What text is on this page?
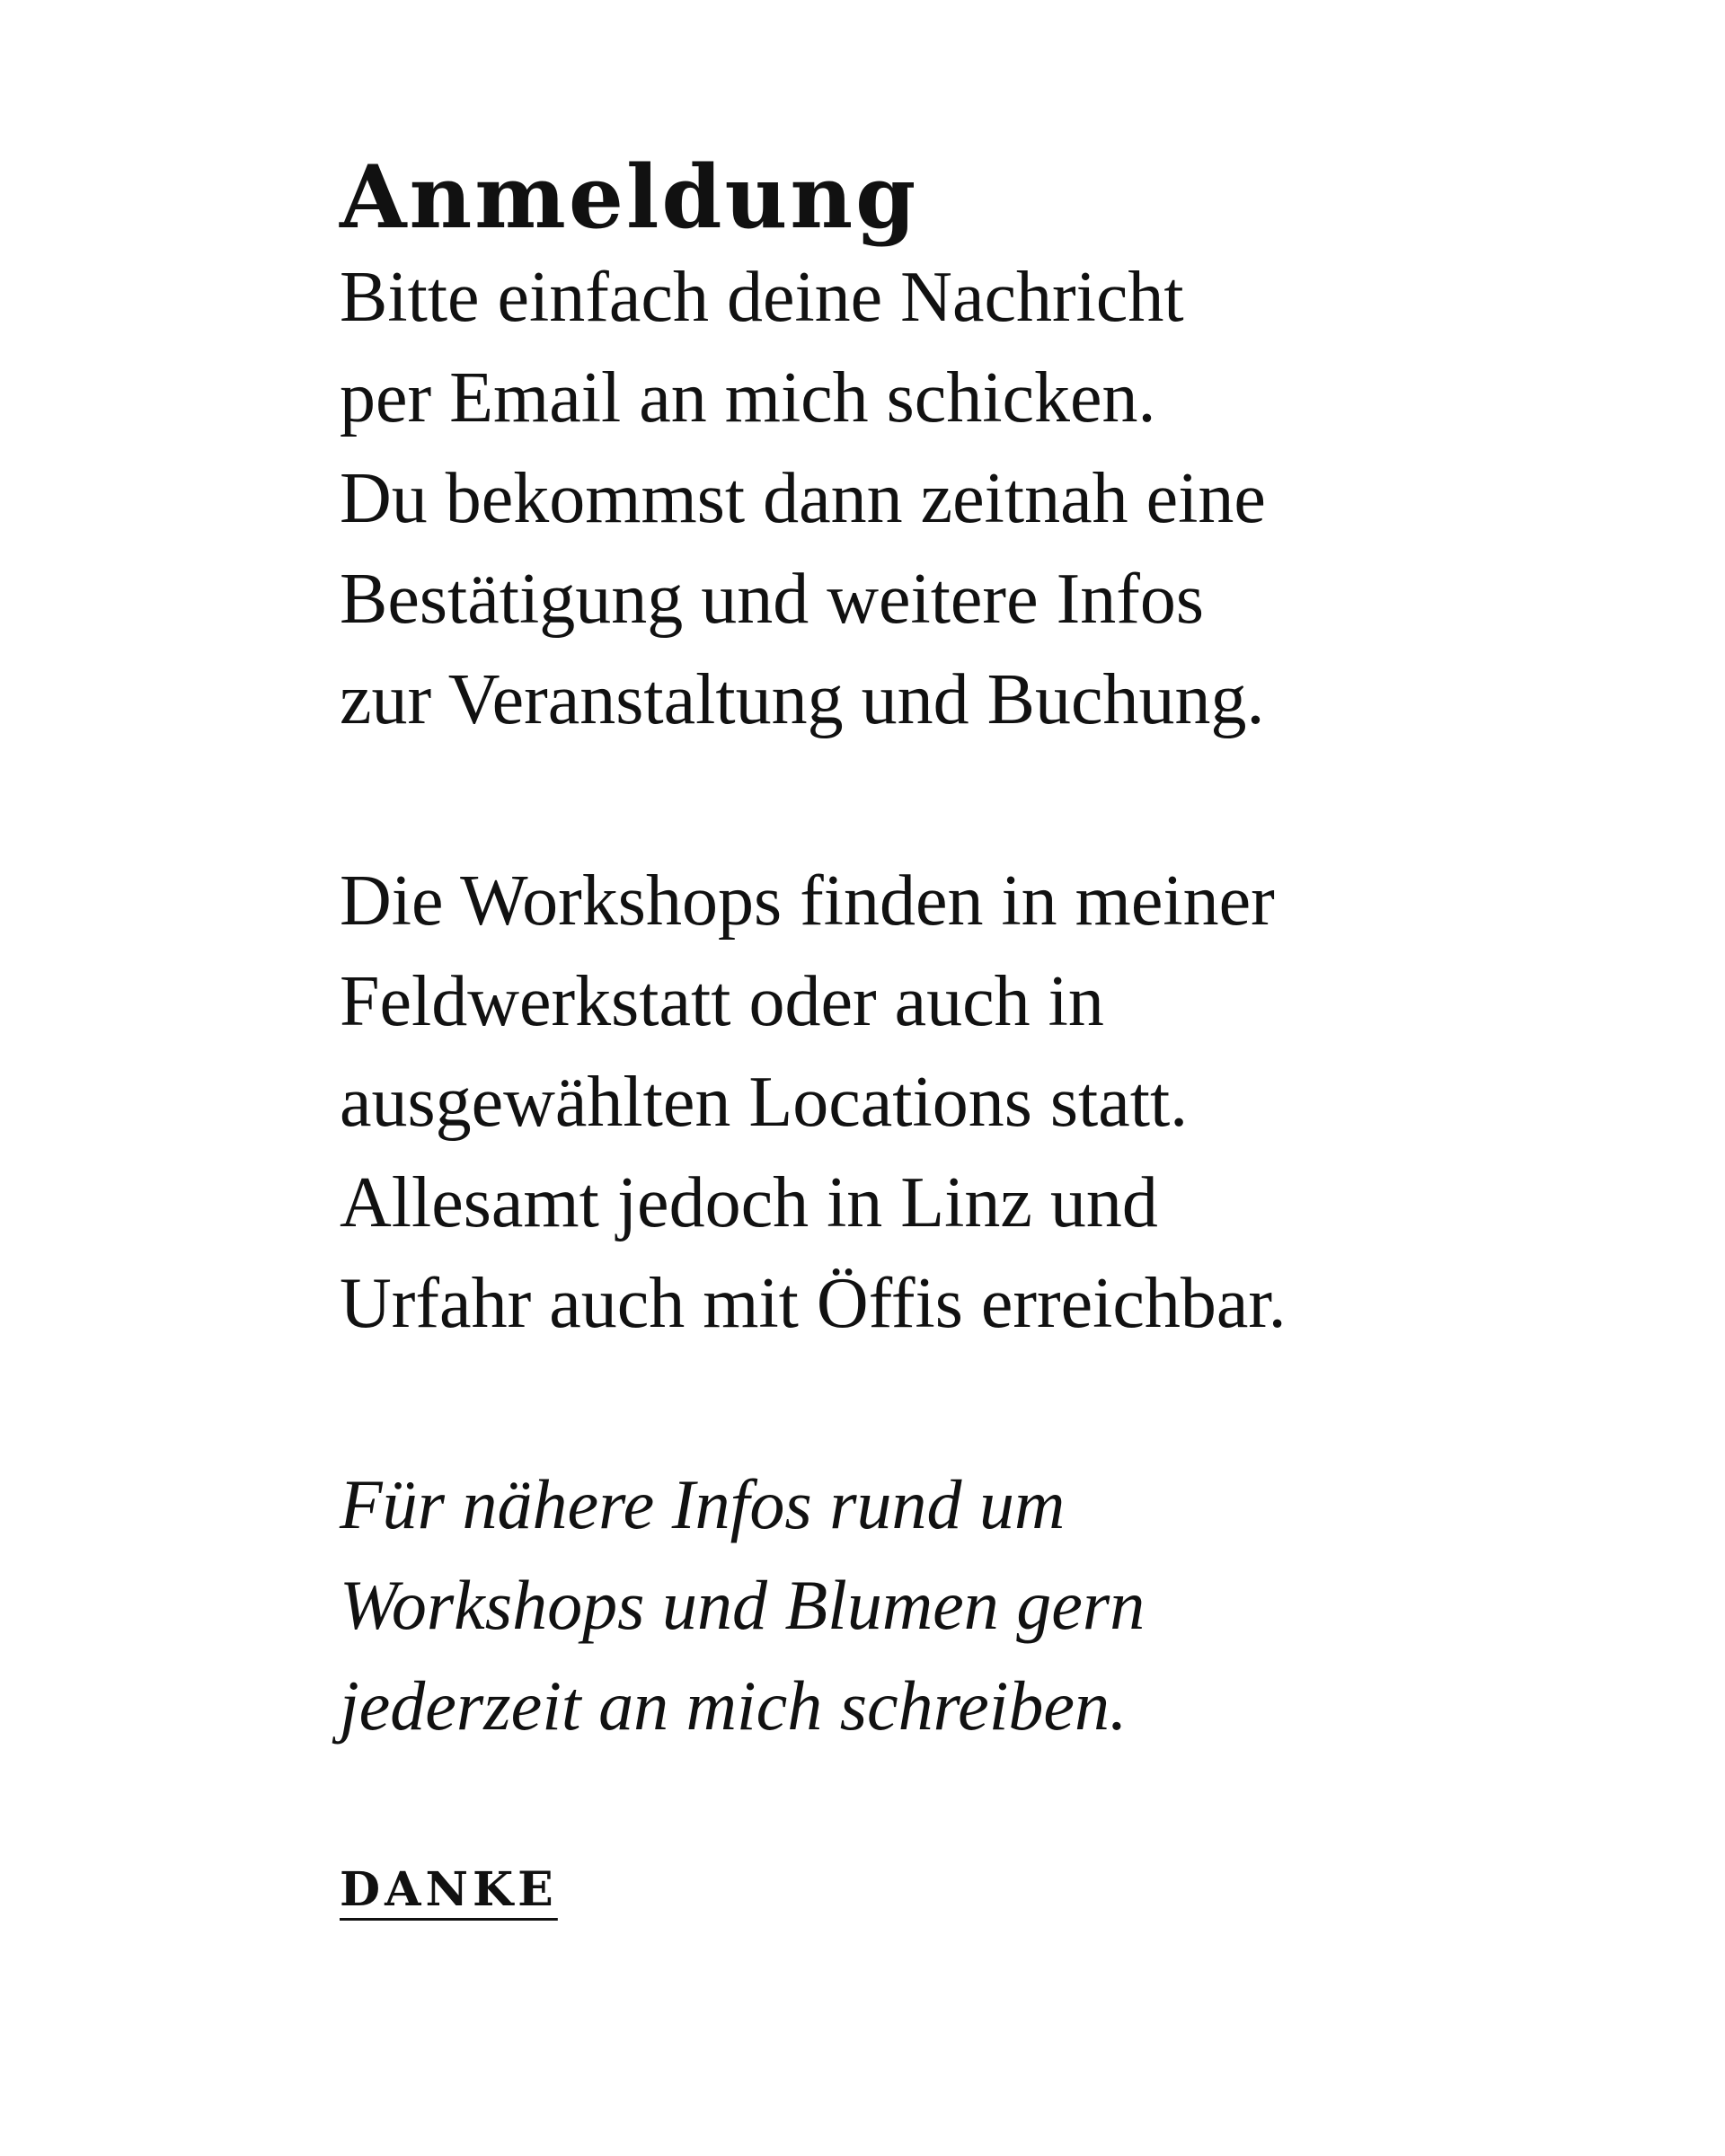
Anmeldung

Bitte einfach deine Nachricht
per Email an mich schicken.
Du bekommst dann zeitnah eine
Bestätigung und weitere Infos
zur Veranstaltung und Buchung.

Die Workshops finden in meiner
Feldwerkstatt oder auch in
ausgewählten Locations statt.
Allesamt jedoch in Linz und
Urfahr auch mit Öffis erreichbar.

Für nähere Infos rund um
Workshops und Blumen gern
jederzeit an mich schreiben.

DANKE
